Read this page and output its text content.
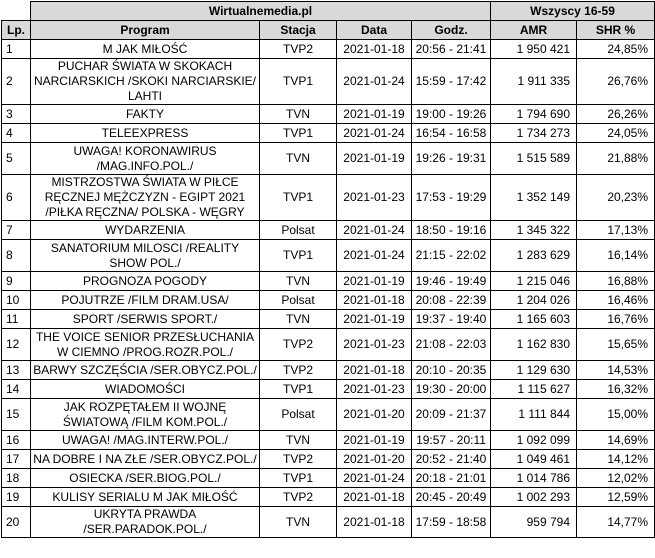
	Wirtualnemedia.pl				Wszyscy 16-59	
Lp.	Program	Stacja	Data	Godz.	AMR	SHR %
1	M JAK MIŁOŚĆ	TVP2	2021-01-18	20:56 - 21:41	1 950 421	24,85%
2	PUCHAR ŚWIATA W SKOKACH NARCIARSKICH /SKOKI NARCIARSKIE/ LAHTI	TVP1	2021-01-24	15:59 - 17:42	1 911 335	26,76%
3	FAKTY	TVN	2021-01-19	19:00 - 19:26	1 794 690	26,26%
4	TELEEXPRESS	TVP1	2021-01-24	16:54 - 16:58	1 734 273	24,05%
5	UWAGA! KORONAWIRUS /MAG.INFO.POL./	TVN	2021-01-19	19:26 - 19:31	1 515 589	21,88%
6	MISTRZOSTWA ŚWIATA W PIŁCE RĘCZNEJ MĘŻCZYZN - EGIPT 2021 /PIŁKA RĘCZNA/ POLSKA - WĘGRY	TVP1	2021-01-23	17:53 - 19:29	1 352 149	20,23%
7	WYDARZENIA	Polsat	2021-01-24	18:50 - 19:16	1 345 322	17,13%
8	SANATORIUM MILOSCI /REALITY SHOW POL./	TVP1	2021-01-24	21:15 - 22:02	1 283 629	16,14%
9	PROGNOZA POGODY	TVN	2021-01-19	19:46 - 19:49	1 215 046	16,88%
10	POJUTRZE /FILM DRAM.USA/	Polsat	2021-01-18	20:08 - 22:39	1 204 026	16,46%
11	SPORT /SERWIS SPORT./	TVN	2021-01-19	19:37 - 19:40	1 165 603	16,76%
12	THE VOICE SENIOR PRZESŁUCHANIA W CIEMNO /PROG.ROZR.POL./	TVP2	2021-01-23	21:08 - 22:03	1 162 830	15,65%
13	BARWY SZCZĘŚCIA /SER.OBYCZ.POL./	TVP2	2021-01-18	20:10 - 20:35	1 129 630	14,53%
14	WIADOMOŚCI	TVP1	2021-01-23	19:30 - 20:00	1 115 627	16,32%
15	JAK ROZPĘTAŁEM II WOJNĘ ŚWIATOWĄ /FILM KOM.POL./	Polsat	2021-01-20	20:09 - 21:37	1 111 844	15,00%
16	UWAGA! /MAG.INTERW.POL./	TVN	2021-01-19	19:57 - 20:11	1 092 099	14,69%
17	NA DOBRE I NA ZŁE /SER.OBYCZ.POL./	TVP2	2021-01-20	20:52 - 21:40	1 049 461	14,12%
18	OSIECKA /SER.BIOG.POL./	TVP1	2021-01-24	20:18 - 21:01	1 014 786	12,02%
19	KULISY SERIALU M JAK MIŁOŚĆ	TVP2	2021-01-18	20:45 - 20:49	1 002 293	12,59%
20	UKRYTA PRAWDA /SER.PARADOK.POL./	TVN	2021-01-18	17:59 - 18:58	959 794	14,77%
